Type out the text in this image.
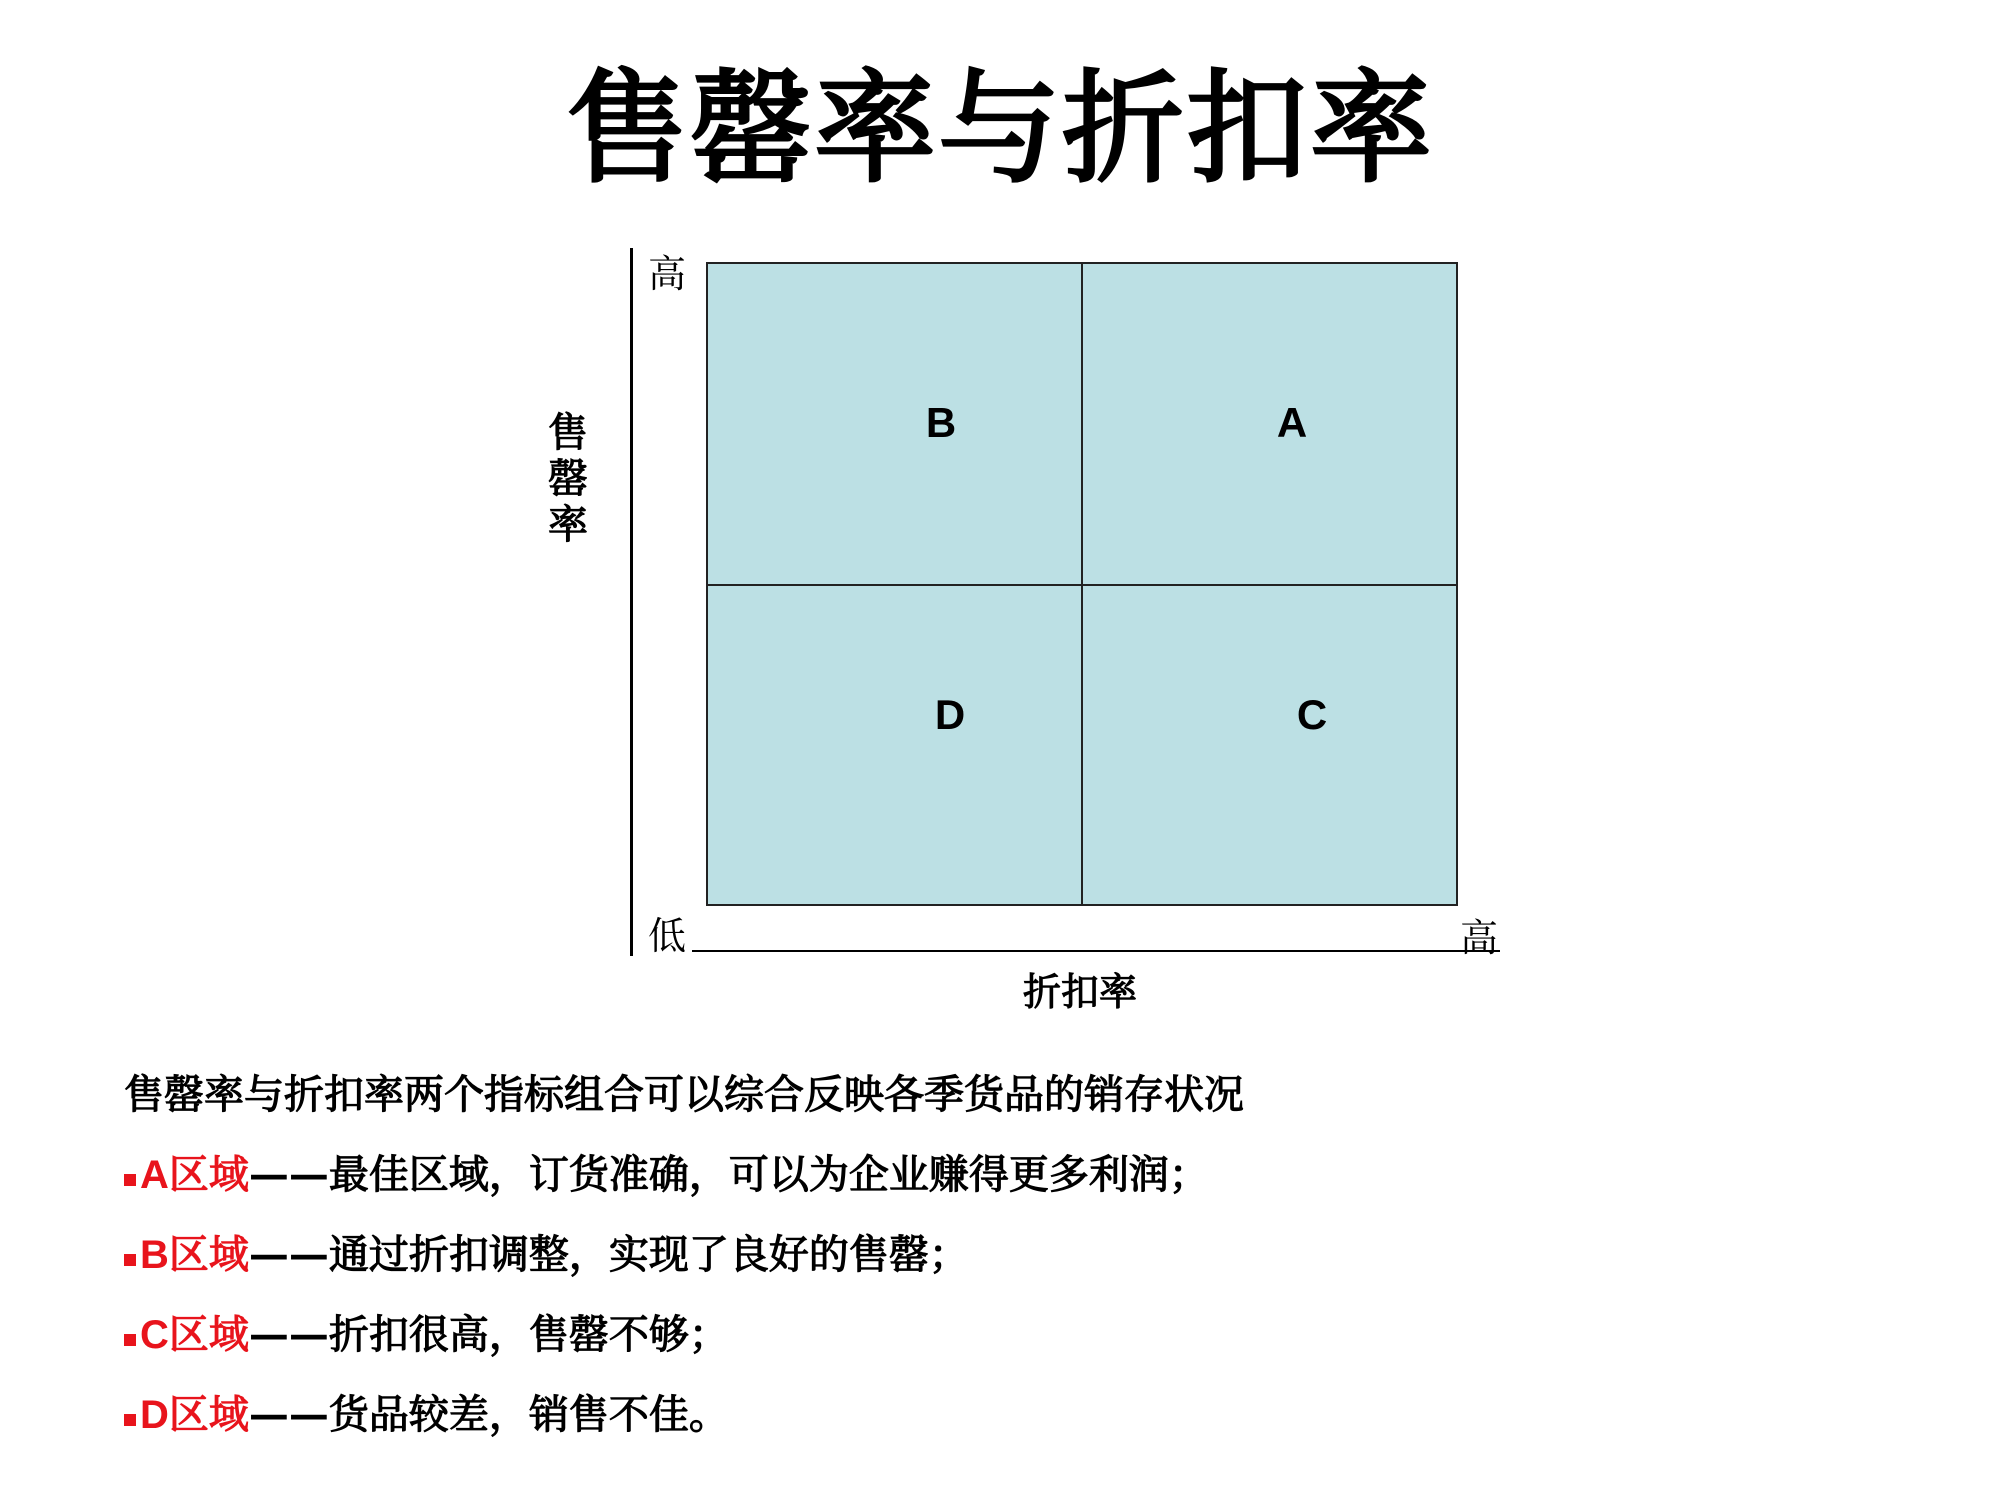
售罄率与折扣率
高
低	高
售罄率
折扣率
B	A
D	C
售罄率与折扣率两个指标组合可以综合反映各季货品的销存状况
A区域——最佳区域，订货准确，可以为企业赚得更多利润；
B区域——通过折扣调整，实现了良好的售罄；
C区域——折扣很高，售罄不够；
D区域——货品较差，销售不佳。
